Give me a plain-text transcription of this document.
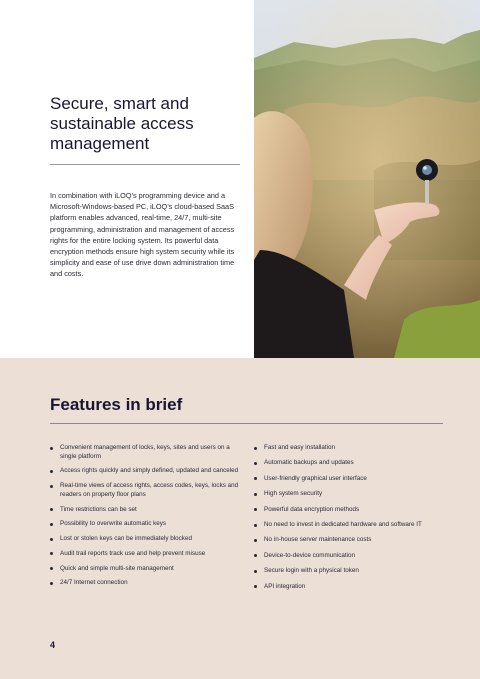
Secure, smart and sustainable access management

In combination with iLOQ’s programming device and a Microsoft-Windows-based PC, iLOQ’s cloud-based SaaS platform enables advanced, real-time, 24/7, multi-site programming, administration and management of access rights for the entire locking system. Its powerful data encryption methods ensure high system security while its simplicity and ease of use drive down administration time and costs.

Features in brief
Convenient management of locks, keys, sites and users on a single platform
Access rights quickly and simply defined, updated and canceled
Real-time views of access rights, access codes, keys, locks and readers on property floor plans
Time restrictions can be set
Possibility to overwrite automatic keys
Lost or stolen keys can be immediately blocked
Audit trail reports track use and help prevent misuse
Quick and simple multi-site management
24/7 Internet connection
Fast and easy installation
Automatic backups and updates
User-friendly graphical user interface
High system security
Powerful data encryption methods
No need to invest in dedicated hardware and software IT
No in-house server maintenance costs
Device-to-device communication
Secure login with a physical token
API integration
4
